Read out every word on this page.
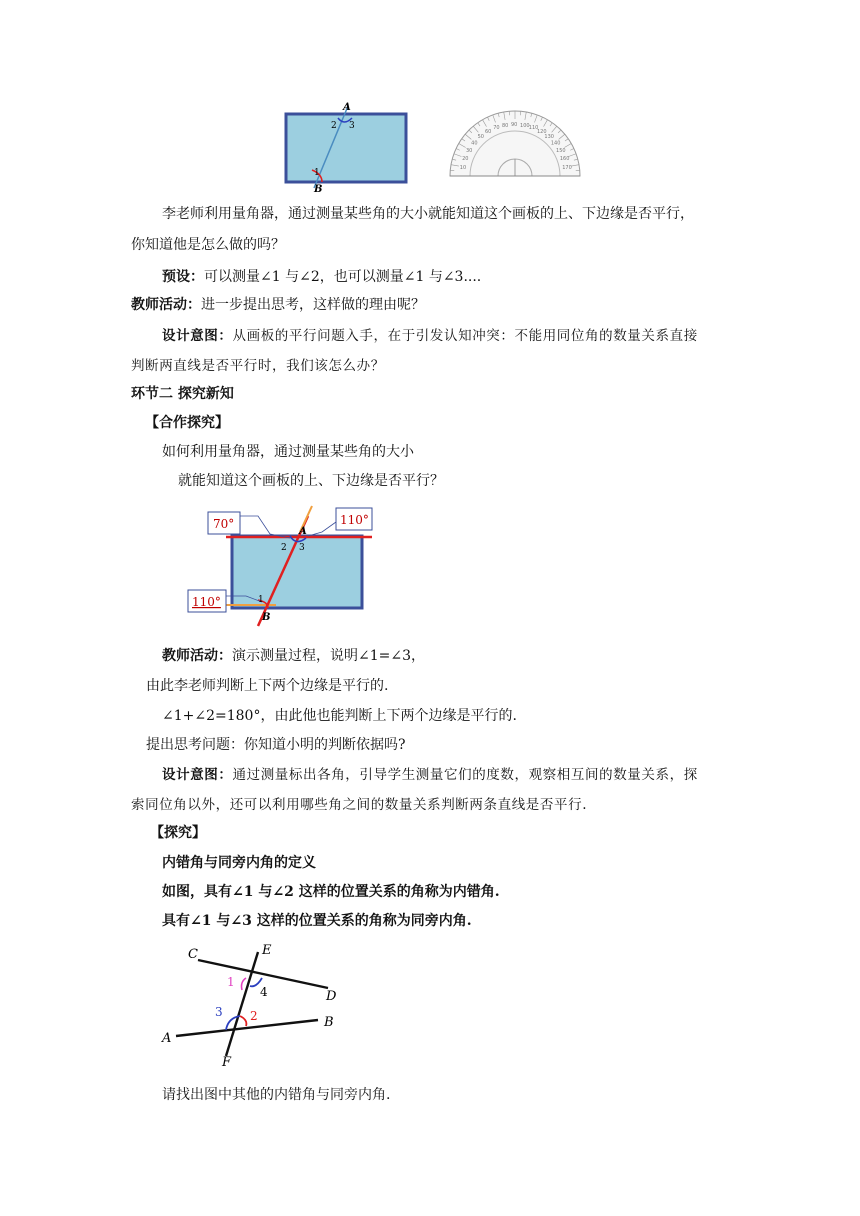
A
2 3
1
B
10
20
30
40
50
60
70 80 90 100 110
120
130
140
150
160
170
李老师利用量角器，通过测量某些角的大小就能知道这个画板的上、下边缘是否平行，
你知道他是怎么做的吗？
预设：可以测量∠1 与∠2，也可以测量∠1 与∠3....
教师活动：进一步提出思考，这样做的理由呢？
设计意图：从画板的平行问题入手，在于引发认知冲突：不能用同位角的数量关系直接
判断两直线是否平行时，我们该怎么办？
环节二 探究新知
【合作探究】
如何利用量角器，通过测量某些角的大小
就能知道这个画板的上、下边缘是否平行？
70°	110°
110°
A
2 3
1
B
教师活动：演示测量过程，说明∠1=∠3，
由此李老师判断上下两个边缘是平行的.
∠1+∠2=180°，由此他也能判断上下两个边缘是平行的.
提出思考问题：你知道小明的判断依据吗?
设计意图：通过测量标出各角，引导学生测量它们的度数，观察相互间的数量关系，探
索同位角以外，还可以利用哪些角之间的数量关系判断两条直线是否平行.
【探究】
内错角与同旁内角的定义
如图，具有∠1 与∠2 这样的位置关系的角称为内错角.
具有∠1 与∠3 这样的位置关系的角称为同旁内角.
C	E
D
A
B
F
1
4
3 2
请找出图中其他的内错角与同旁内角.
